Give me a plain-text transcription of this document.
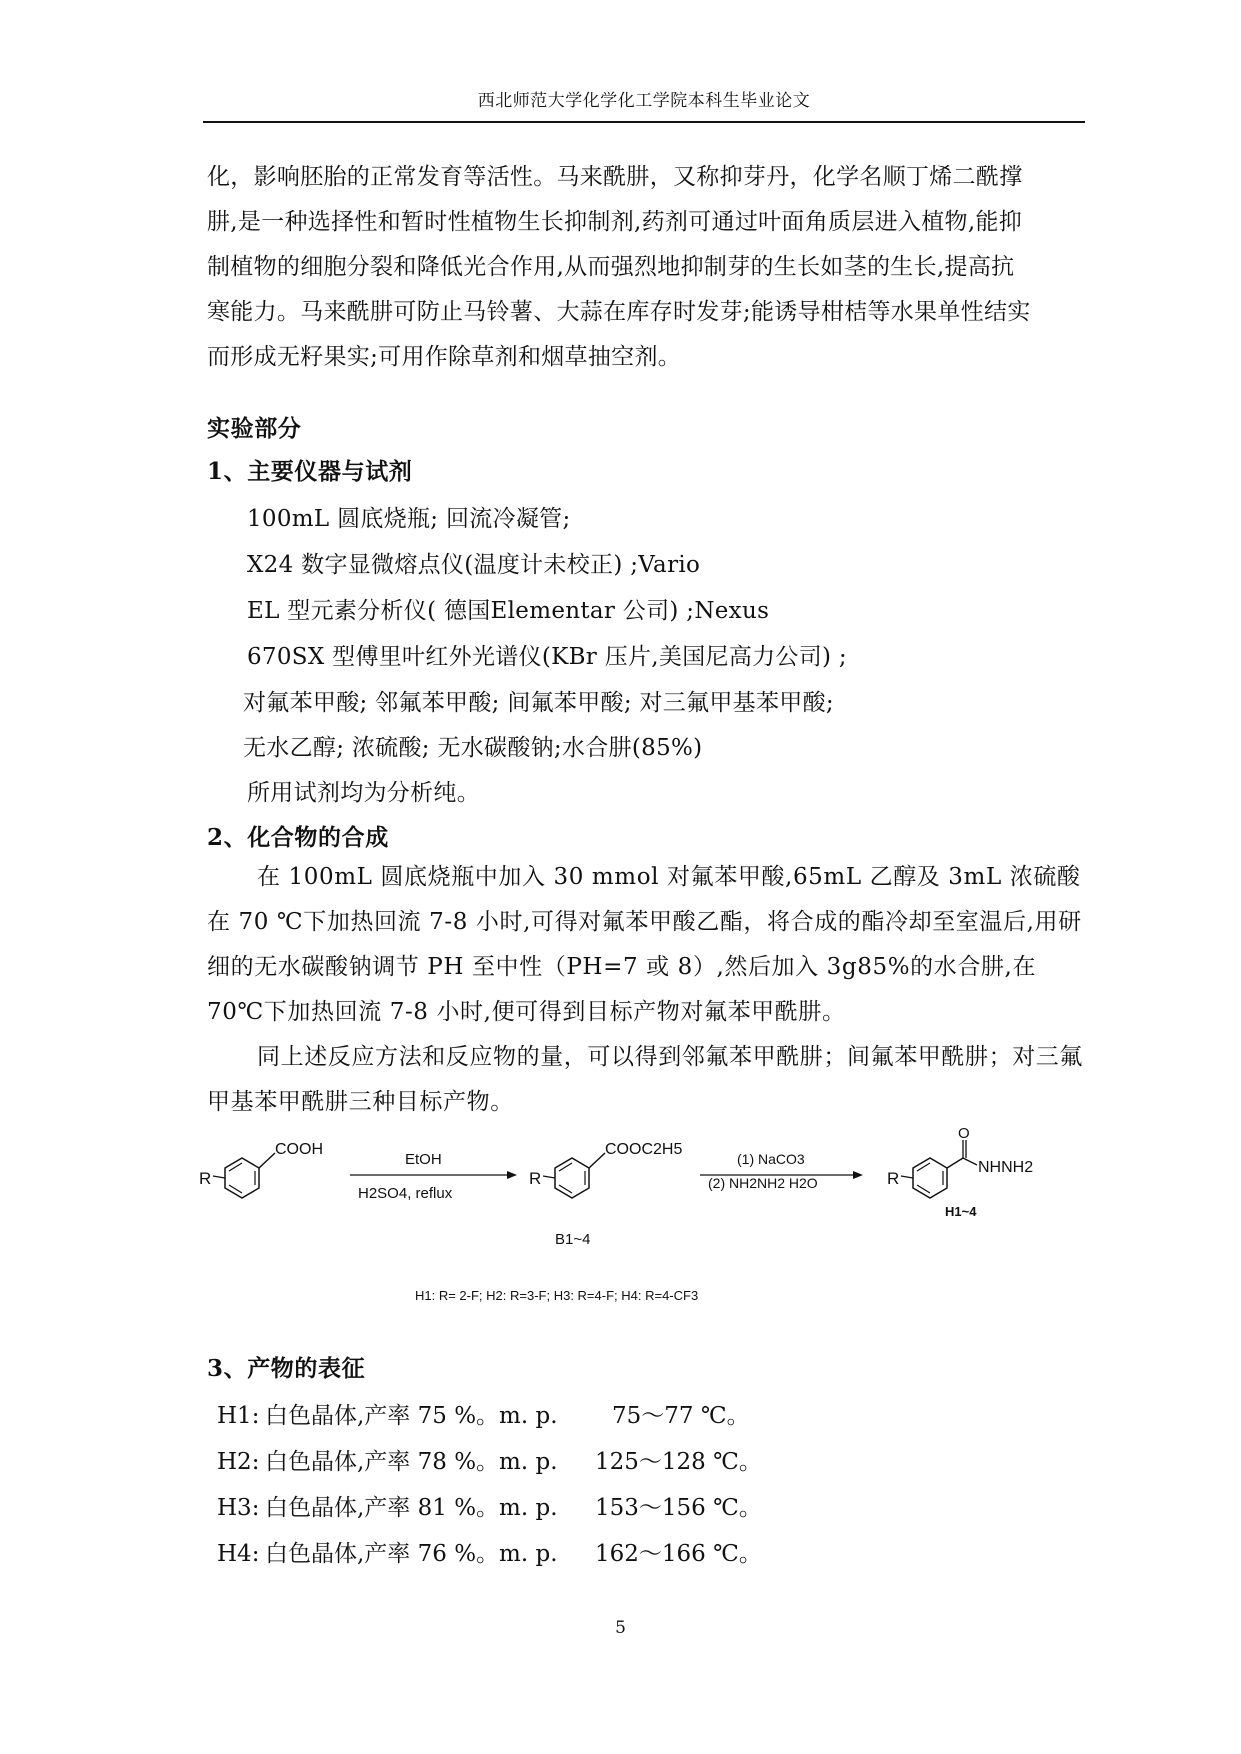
西北师范大学化学化工学院本科生毕业论文

化，影响胚胎的正常发育等活性。马来酰肼，又称抑芽丹，化学名顺丁烯二酰撑

肼,是一种选择性和暂时性植物生长抑制剂,药剂可通过叶面角质层进入植物,能抑

制植物的细胞分裂和降低光合作用,从而强烈地抑制芽的生长如茎的生长,提高抗

寒能力。马来酰肼可防止马铃薯、大蒜在库存时发芽;能诱导柑桔等水果单性结实

而形成无籽果实;可用作除草剂和烟草抽空剂。

实验部分

1、主要仪器与试剂

100mL 圆底烧瓶; 回流冷凝管;

X24 数字显微熔点仪(温度计未校正) ;Vario

EL 型元素分析仪( 德国Elementar 公司) ;Nexus

670SX 型傅里叶红外光谱仪(KBr 压片,美国尼高力公司) ;

对氟苯甲酸; 邻氟苯甲酸; 间氟苯甲酸; 对三氟甲基苯甲酸;

无水乙醇; 浓硫酸; 无水碳酸钠;水合肼(85%)

所用试剂均为分析纯。

2、化合物的合成

在 100mL 圆底烧瓶中加入 30 mmol 对氟苯甲酸,65mL 乙醇及 3mL 浓硫酸在 70 ℃下加热回流 7-8 小时,可得对氟苯甲酸乙酯，将合成的酯冷却至室温后,用研细的无水碳酸钠调节 PH 至中性（PH=7 或 8）,然后加入 3g85%的水合肼,在 70℃下加热回流 7-8 小时,便可得到目标产物对氟苯甲酰肼。

同上述反应方法和反应物的量，可以得到邻氟苯甲酰肼；间氟苯甲酰肼；对三氟甲基苯甲酰肼三种目标产物。

R
COOH
EtOH
H2SO4, reflux
R
COOC2H5
B1~4
(1) NaCO3
(2) NH2NH2 H2O	R
O
NHNH2
H1~4
H1: R= 2-F; H2: R=3-F; H3: R=4-F; H4: R=4-CF3

3、产物的表征

H1: 白色晶体,产率 75 %。m. p. 75～77 ℃。

H2: 白色晶体,产率 78 %。m. p. 125～128 ℃。

H3: 白色晶体,产率 81 %。m. p. 153～156 ℃。

H4: 白色晶体,产率 76 %。m. p. 162～166 ℃。

5
